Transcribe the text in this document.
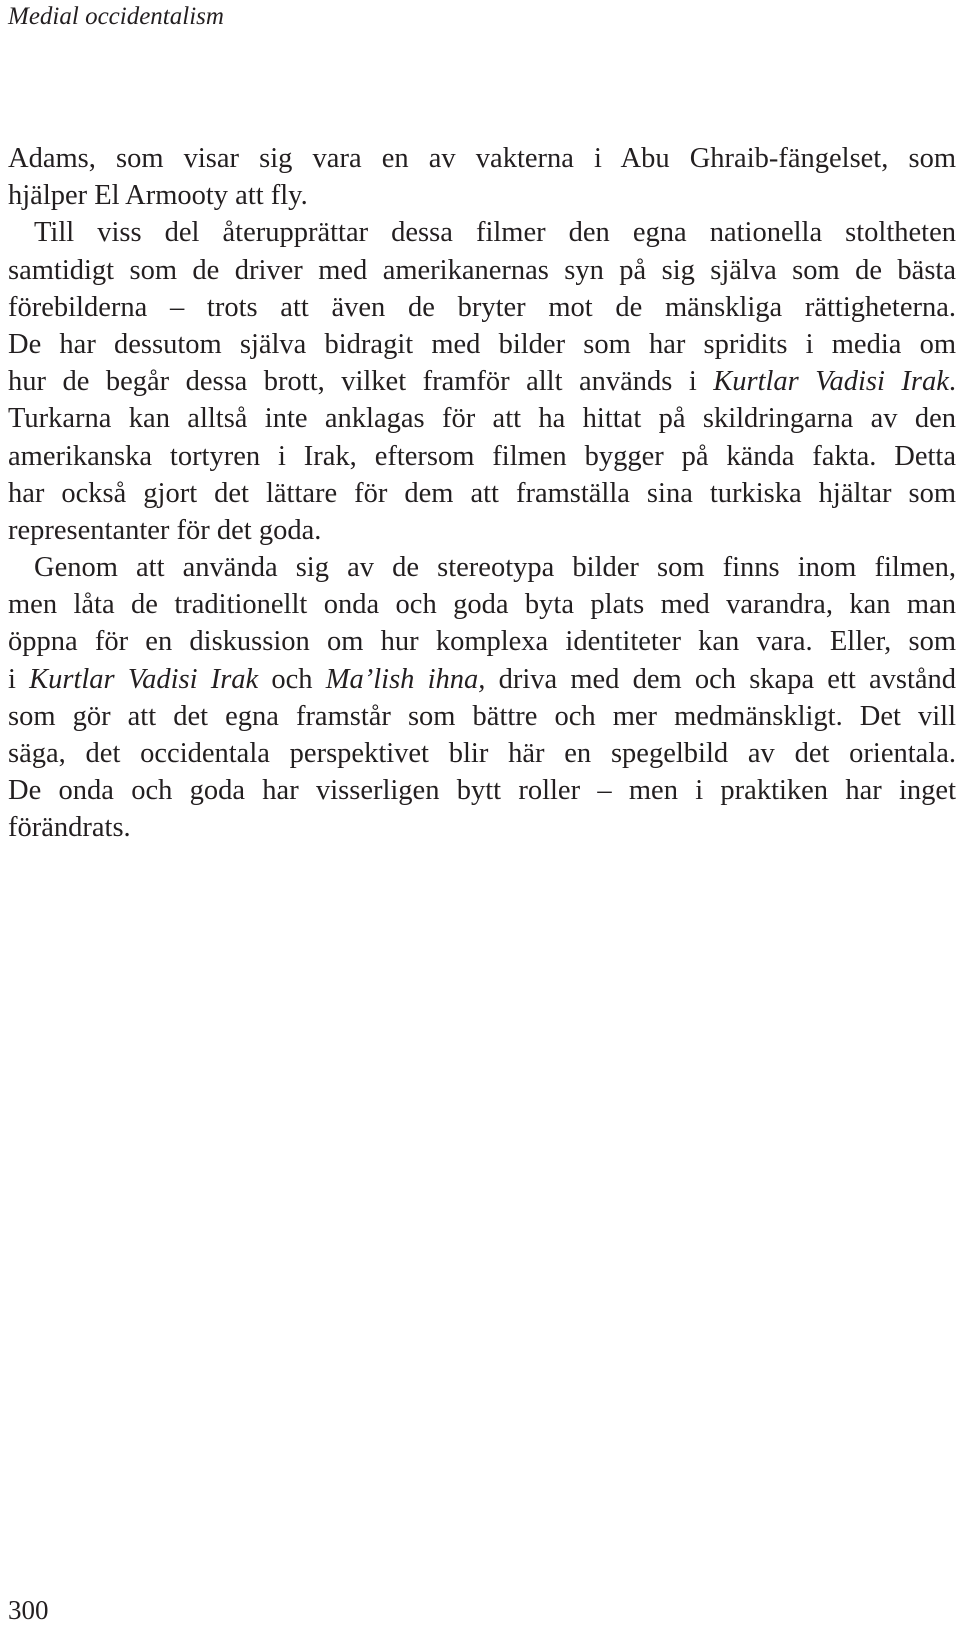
Medial occidentalism
Adams, som visar sig vara en av vakterna i Abu Ghraib-fängelset, som
hjälper El Armooty att fly.
Till viss del återupprättar dessa filmer den egna nationella stoltheten
samtidigt som de driver med amerikanernas syn på sig själva som de bästa
förebilderna – trots att även de bryter mot de mänskliga rättigheterna.
De har dessutom själva bidragit med bilder som har spridits i media om
hur de begår dessa brott, vilket framför allt används i Kurtlar Vadisi Irak.
Turkarna kan alltså inte anklagas för att ha hittat på skildringarna av den
amerikanska tortyren i Irak, eftersom filmen bygger på kända fakta. Detta
har också gjort det lättare för dem att framställa sina turkiska hjältar som
representanter för det goda.
Genom att använda sig av de stereotypa bilder som finns inom filmen,
men låta de traditionellt onda och goda byta plats med varandra, kan man
öppna för en diskussion om hur komplexa identiteter kan vara. Eller, som
i Kurtlar Vadisi Irak och Ma’lish ihna, driva med dem och skapa ett avstånd
som gör att det egna framstår som bättre och mer medmänskligt. Det vill
säga, det occidentala perspektivet blir här en spegelbild av det orientala.
De onda och goda har visserligen bytt roller – men i praktiken har inget
förändrats.
300
